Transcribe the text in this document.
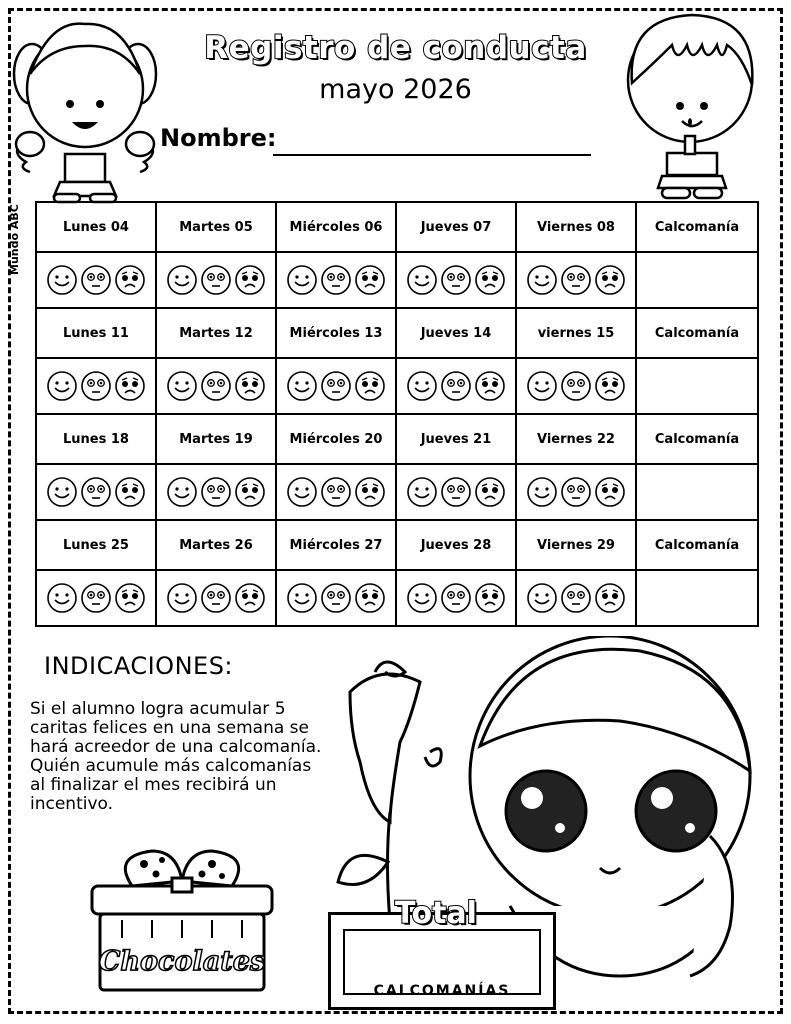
Registro de conducta
mayo 2026
Nombre:
Mundo ABC	Lunes 04	Martes 05	Miércoles 06	Jueves 07	Viernes 08	Calcomanía

Lunes 11	Martes 12	Miércoles 13	Jueves 14	viernes 15	Calcomanía

Lunes 18	Martes 19	Miércoles 20	Jueves 21	Viernes 22	Calcomanía

Lunes 25	Martes 26	Miércoles 27	Jueves 28	Viernes 29	Calcomanía

INDICACIONES:
Si el alumno logra acumular 5 caritas felices en una semana se hará acreedor de una calcomanía. Quién acumule más calcomanías al finalizar el mes recibirá un incentivo.
Chocolates
CALCOMANÍAS
Total
